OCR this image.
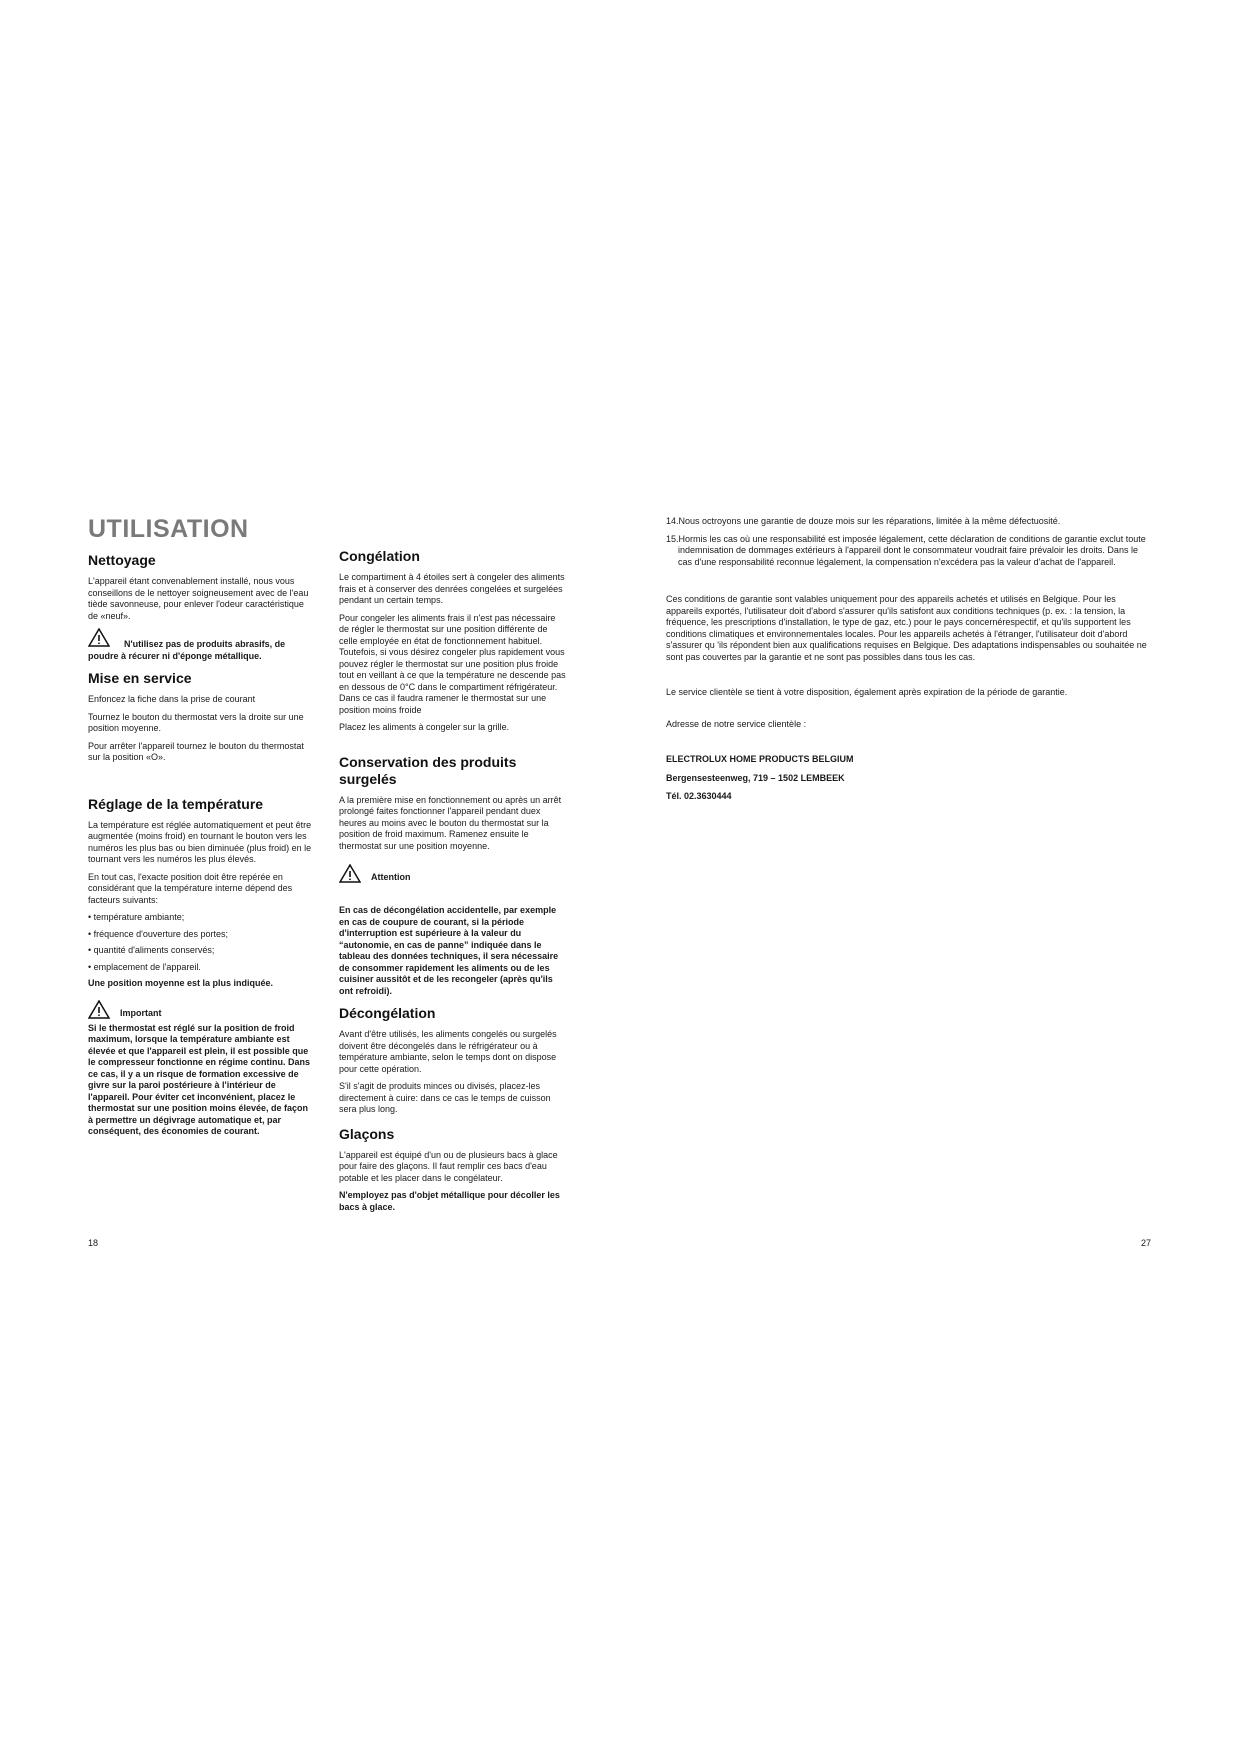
UTILISATION
Nettoyage

L'appareil étant convenablement installé, nous vous conseillons de le nettoyer soigneusement avec de l'eau tiède savonneuse, pour enlever l'odeur caractéristique de «neuf».

N'utilisez pas de produits abrasifs, de poudre à récurer ni d'éponge métallique.

Mise en service

Enfoncez la fiche dans la prise de courant

Tournez le bouton du thermostat vers la droite sur une position moyenne.

Pour arrêter l'appareil tournez le bouton du thermostat sur la position «O».

Réglage de la température

La température est réglée automatiquement et peut être augmentée (moins froid) en tournant le bouton vers les numéros les plus bas ou bien diminuée (plus froid) en le tournant vers les numéros les plus élevés.

En tout cas, l'exacte position doit être repérée en considérant que la température interne dépend des facteurs suivants:

• température ambiante;
• fréquence d'ouverture des portes;
• quantité d'aliments conservés;
• emplacement de l'appareil.

Une position moyenne est la plus indiquée.

Important

Si le thermostat est réglé sur la position de froid maximum, lorsque la température ambiante est élevée et que l'appareil est plein, il est possible que le compresseur fonctionne en régime continu. Dans ce cas, il y a un risque de formation excessive de givre sur la paroi postérieure à l'intérieur de l'appareil. Pour éviter cet inconvénient, placez le thermostat sur une position moins élevée, de façon à permettre un dégivrage automatique et, par conséquent, des économies de courant.

Congélation

Le compartiment à 4 étoiles sert à congeler des aliments frais et à conserver des denrées congelées et surgelées pendant un certain temps.

Pour congeler les aliments frais il n'est pas nécessaire de régler le thermostat sur une position différente de celle employée en état de fonctionnement habituel. Toutefois, si vous désirez congeler plus rapidement vous pouvez régler le thermostat sur une position plus froide tout en veillant à ce que la température ne descende pas en dessous de 0°C dans le compartiment réfrigérateur. Dans ce cas il faudra ramener le thermostat sur une position moins froide

Placez les aliments à congeler sur la grille.

Conservation des produits surgelés

A la première mise en fonctionnement ou après un arrêt prolongé faites fonctionner l'appareil pendant duex heures au moins avec le bouton du thermostat sur la position de froid maximum. Ramenez ensuite le thermostat sur une position moyenne.

Attention

En cas de décongélation accidentelle, par exemple en cas de coupure de courant, si la période d'interruption est supérieure à la valeur du “autonomie, en cas de panne” indiquée dans le tableau des données techniques, il sera nécessaire de consommer rapidement les aliments ou de les cuisiner aussitôt et de les recongeler (après qu'ils ont refroidi).

Décongélation

Avant d'être utilisés, les aliments congelés ou surgelés doivent être décongelés dans le réfrigérateur ou à température ambiante, selon le temps dont on dispose pour cette opération.

S'il s'agit de produits minces ou divisés, placez-les directement à cuire: dans ce cas le temps de cuisson sera plus long.

Glaçons

L'appareil est équipé d'un ou de plusieurs bacs à glace pour faire des glaçons. Il faut remplir ces bacs d'eau potable et les placer dans le congélateur.

N'employez pas d'objet métallique pour décoller les bacs à glace.

14.Nous octroyons une garantie de douze mois sur les réparations, limitée à la même défectuosité.

15.Hormis les cas où une responsabilité est imposée légalement, cette déclaration de conditions de garantie exclut toute indemnisation de dommages extérieurs à l'appareil dont le consommateur voudrait faire prévaloir les droits. Dans le cas d'une responsabilité reconnue légalement, la compensation n'excédera pas la valeur d'achat de l'appareil.

Ces conditions de garantie sont valables uniquement pour des appareils achetés et utilisés en Belgique. Pour les appareils exportés, l'utilisateur doit d'abord s'assurer qu'ils satisfont aux conditions techniques (p. ex. : la tension, la fréquence, les prescriptions d'installation, le type de gaz, etc.) pour le pays concernérespectif, et qu'ils supportent les conditions climatiques et environnementales locales. Pour les appareils achetés à l'étranger, l'utilisateur doit d'abord s'assurer qu 'ils répondent bien aux qualifications requises en Belgique. Des adaptations indispensables ou souhaitée ne sont pas couvertes par la garantie et ne sont pas possibles dans tous les cas.

Le service clientèle se tient à votre disposition, également après expiration de la période de garantie.

Adresse de notre service clientèle :

ELECTROLUX HOME PRODUCTS BELGIUM

Bergensesteenweg, 719 – 1502 LEMBEEK

Tél. 02.3630444

18	27
